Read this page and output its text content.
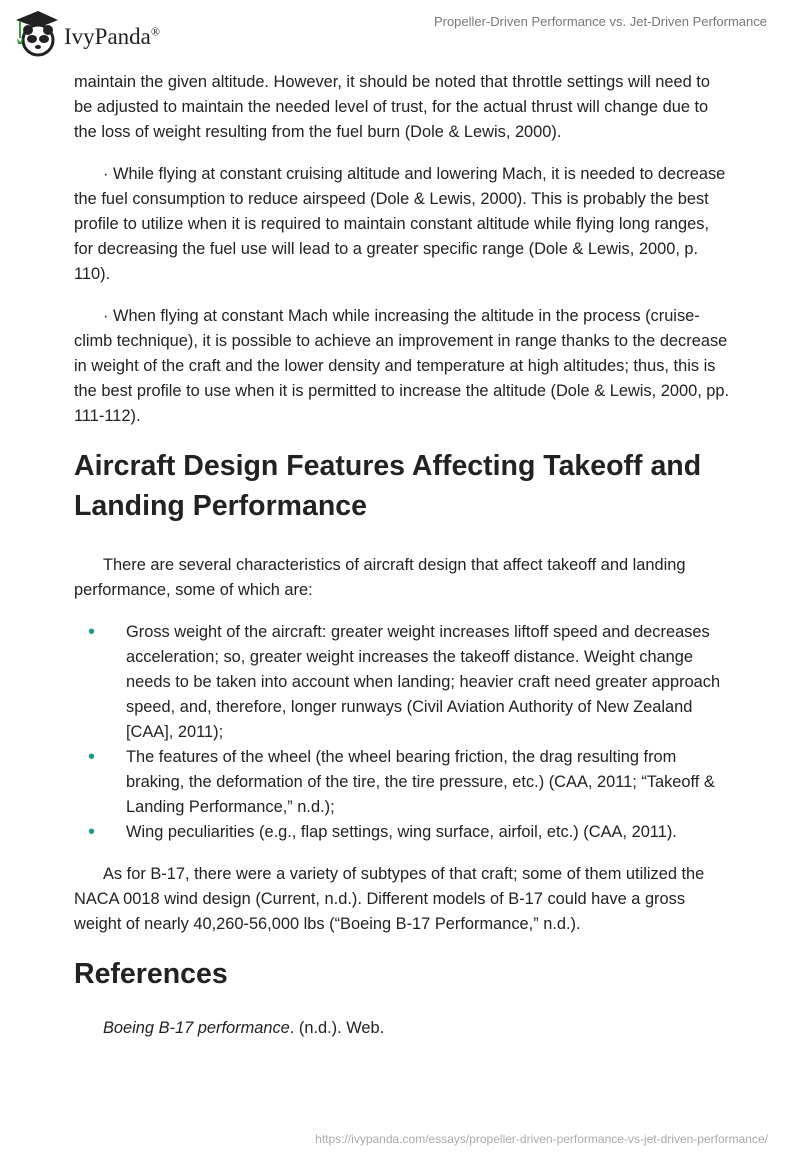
IvyPanda®
Propeller-Driven Performance vs. Jet-Driven Performance

maintain the given altitude. However, it should be noted that throttle settings will need to be adjusted to maintain the needed level of trust, for the actual thrust will change due to the loss of weight resulting from the fuel burn (Dole & Lewis, 2000).

· While flying at constant cruising altitude and lowering Mach, it is needed to decrease the fuel consumption to reduce airspeed (Dole & Lewis, 2000). This is probably the best profile to utilize when it is required to maintain constant altitude while flying long ranges, for decreasing the fuel use will lead to a greater specific range (Dole & Lewis, 2000, p. 110).

· When flying at constant Mach while increasing the altitude in the process (cruise-climb technique), it is possible to achieve an improvement in range thanks to the decrease in weight of the craft and the lower density and temperature at high altitudes; thus, this is the best profile to use when it is permitted to increase the altitude (Dole & Lewis, 2000, pp. 111-112).

Aircraft Design Features Affecting Takeoff and Landing Performance

There are several characteristics of aircraft design that affect takeoff and landing performance, some of which are:

• Gross weight of the aircraft: greater weight increases liftoff speed and decreases acceleration; so, greater weight increases the takeoff distance. Weight change needs to be taken into account when landing; heavier craft need greater approach speed, and, therefore, longer runways (Civil Aviation Authority of New Zealand [CAA], 2011);
• The features of the wheel (the wheel bearing friction, the drag resulting from braking, the deformation of the tire, the tire pressure, etc.) (CAA, 2011; “Takeoff & Landing Performance,” n.d.);
• Wing peculiarities (e.g., flap settings, wing surface, airfoil, etc.) (CAA, 2011).

As for B-17, there were a variety of subtypes of that craft; some of them utilized the NACA 0018 wind design (Current, n.d.). Different models of B-17 could have a gross weight of nearly 40,260-56,000 lbs (“Boeing B-17 Performance,” n.d.).

References

Boeing B-17 performance. (n.d.). Web.

https://ivypanda.com/essays/propeller-driven-performance-vs-jet-driven-performance/
